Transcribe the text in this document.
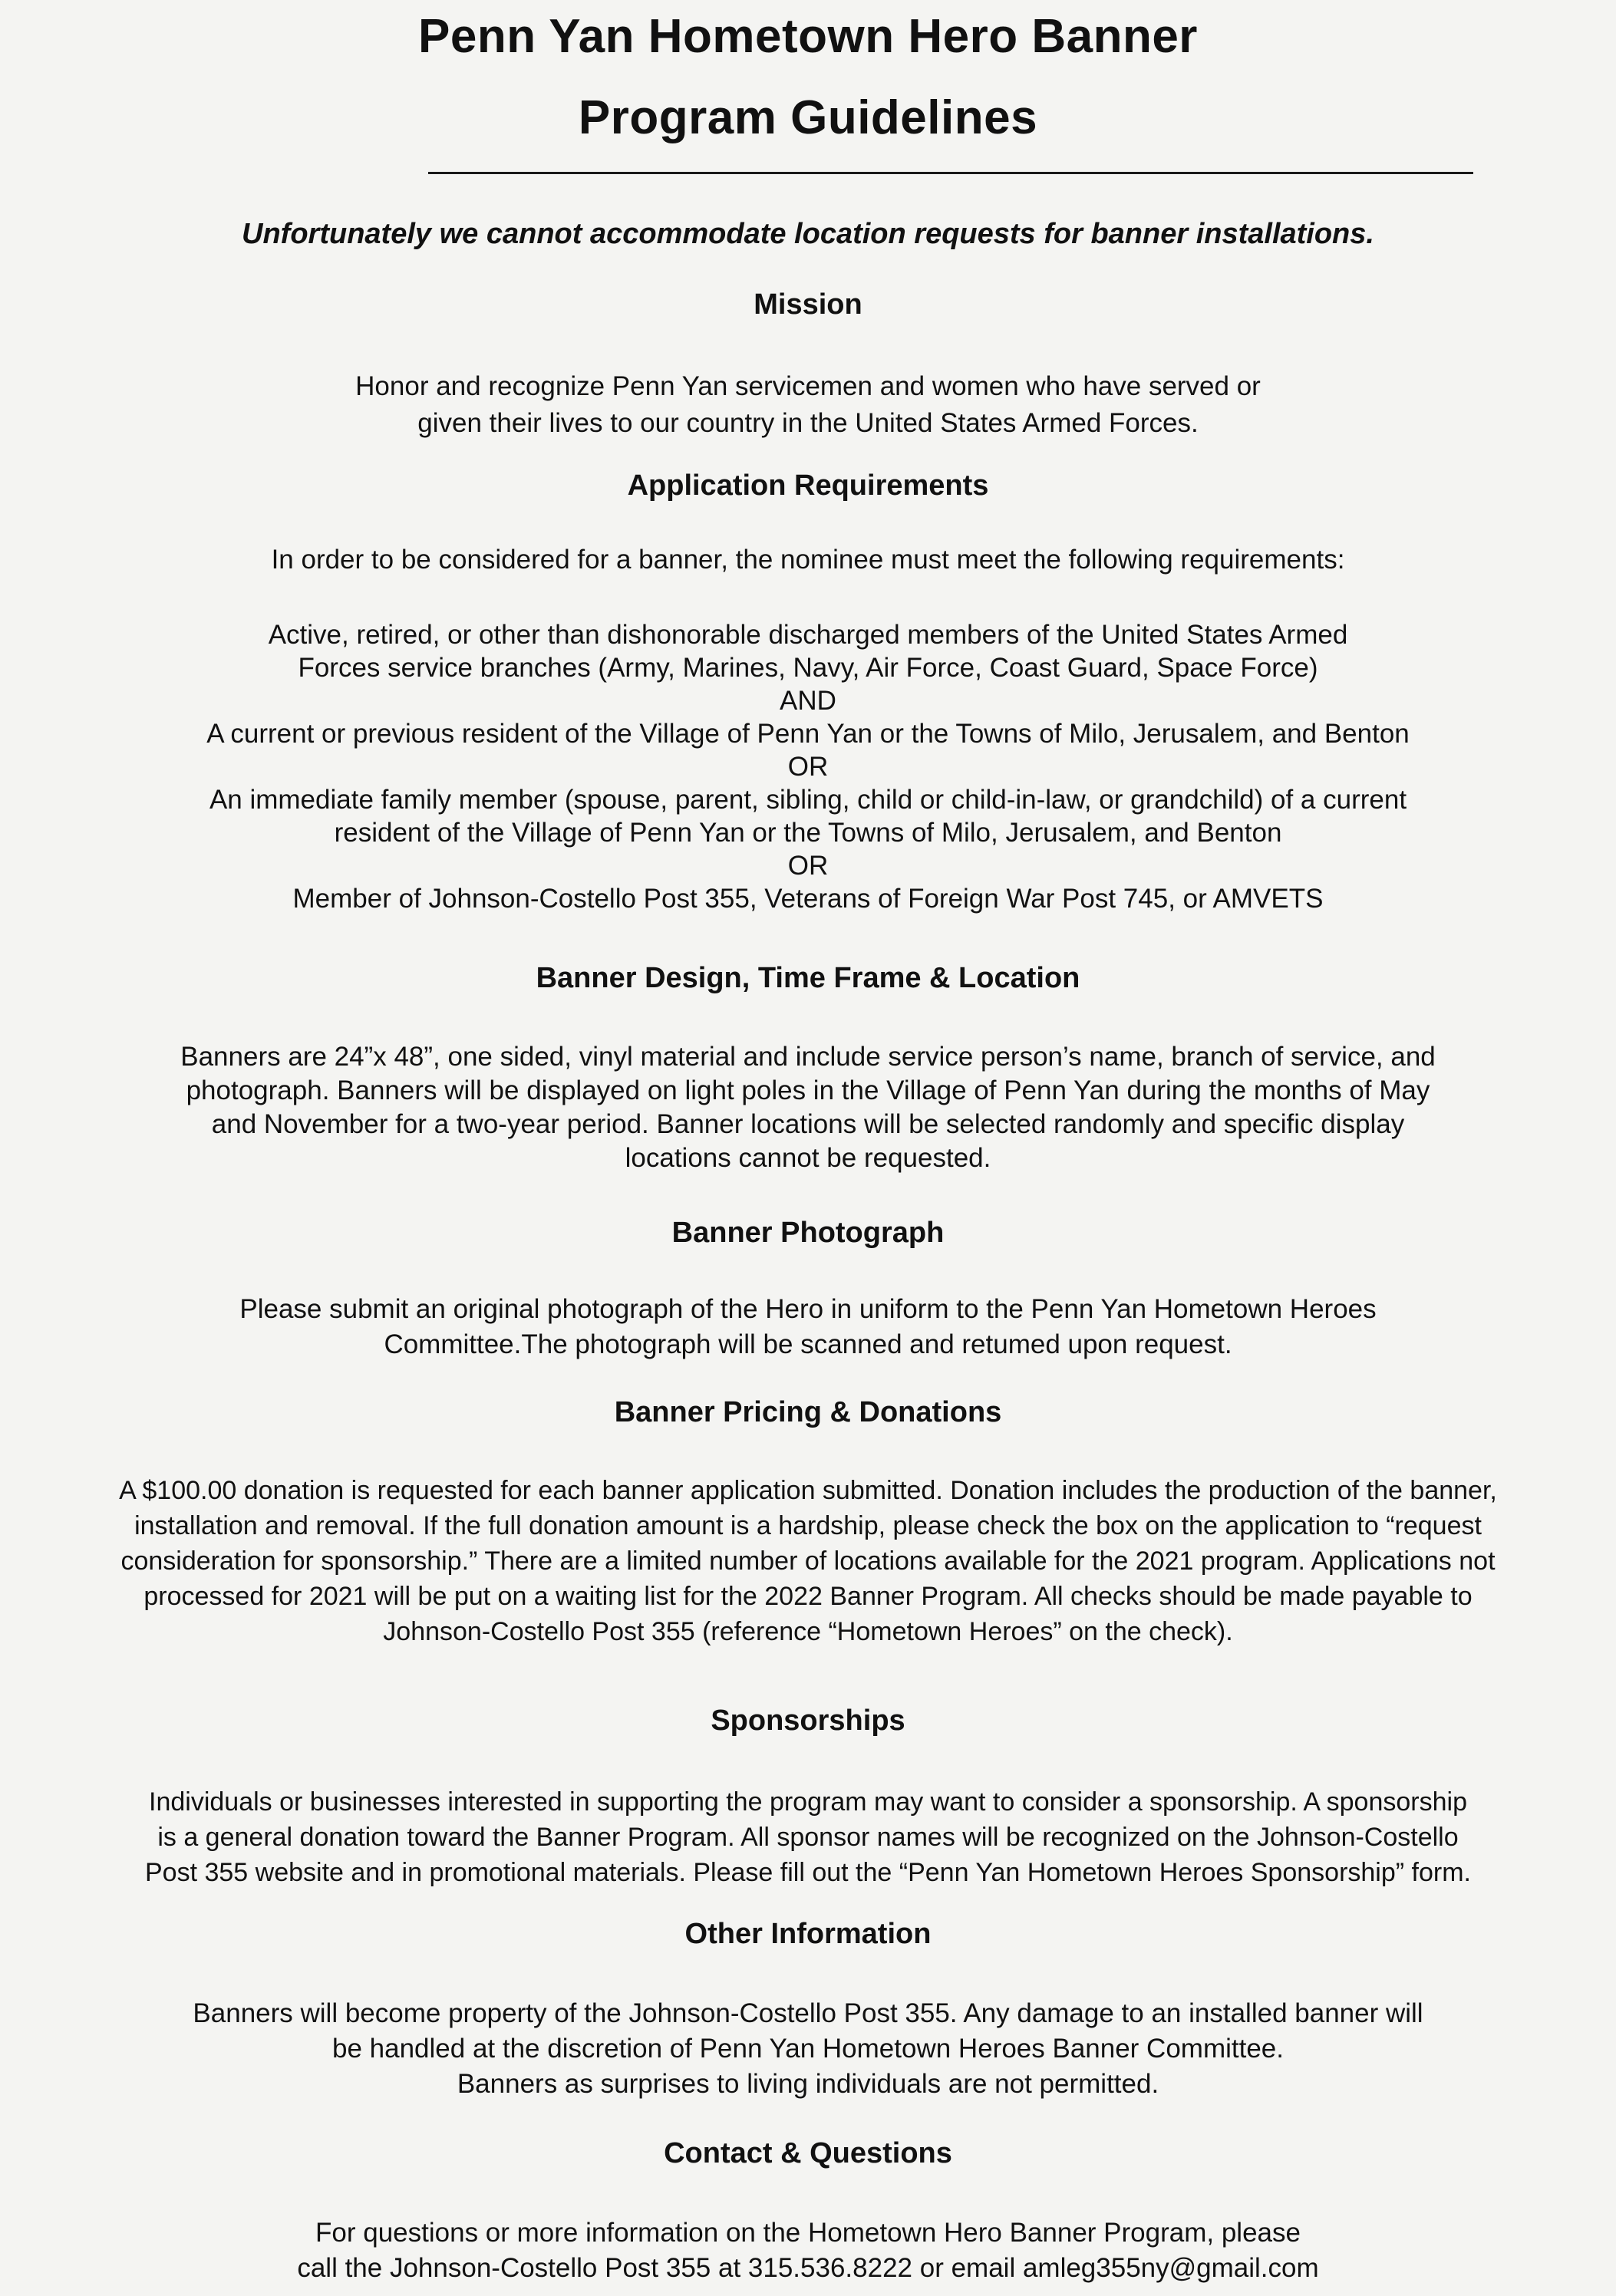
Penn Yan Hometown Hero Banner
Program Guidelines
Unfortunately we cannot accommodate location requests for banner installations.
Mission
Honor and recognize Penn Yan servicemen and women who have served or
given their lives to our country in the United States Armed Forces.
Application Requirements
In order to be considered for a banner, the nominee must meet the following requirements:
Active, retired, or other than dishonorable discharged members of the United States Armed
Forces service branches (Army, Marines, Navy, Air Force, Coast Guard, Space Force)
AND
A current or previous resident of the Village of Penn Yan or the Towns of Milo, Jerusalem, and Benton
OR
An immediate family member (spouse, parent, sibling, child or child-in-law, or grandchild) of a current
resident of the Village of Penn Yan or the Towns of Milo, Jerusalem, and Benton
OR
Member of Johnson-Costello Post 355, Veterans of Foreign War Post 745, or AMVETS
Banner Design, Time Frame & Location
Banners are 24”x 48”, one sided, vinyl material and include service person’s name, branch of service, and
photograph. Banners will be displayed on light poles in the Village of Penn Yan during the months of May
and November for a two-year period. Banner locations will be selected randomly and specific display
locations cannot be requested.
Banner Photograph
Please submit an original photograph of the Hero in uniform to the Penn Yan Hometown Heroes
Committee.The photograph will be scanned and retumed upon request.
Banner Pricing & Donations
A $100.00 donation is requested for each banner application submitted. Donation includes the production of the banner,
installation and removal. If the full donation amount is a hardship, please check the box on the application to “request
consideration for sponsorship.” There are a limited number of locations available for the 2021 program. Applications not
processed for 2021 will be put on a waiting list for the 2022 Banner Program. All checks should be made payable to
Johnson-Costello Post 355 (reference “Hometown Heroes” on the check).
Sponsorships
Individuals or businesses interested in supporting the program may want to consider a sponsorship. A sponsorship
is a general donation toward the Banner Program. All sponsor names will be recognized on the Johnson-Costello
Post 355 website and in promotional materials. Please fill out the “Penn Yan Hometown Heroes Sponsorship” form.
Other Information
Banners will become property of the Johnson-Costello Post 355. Any damage to an installed banner will
be handled at the discretion of Penn Yan Hometown Heroes Banner Committee.
Banners as surprises to living individuals are not permitted.
Contact & Questions
For questions or more information on the Hometown Hero Banner Program, please
call the Johnson-Costello Post 355 at 315.536.8222 or email amleg355ny@gmail.com
